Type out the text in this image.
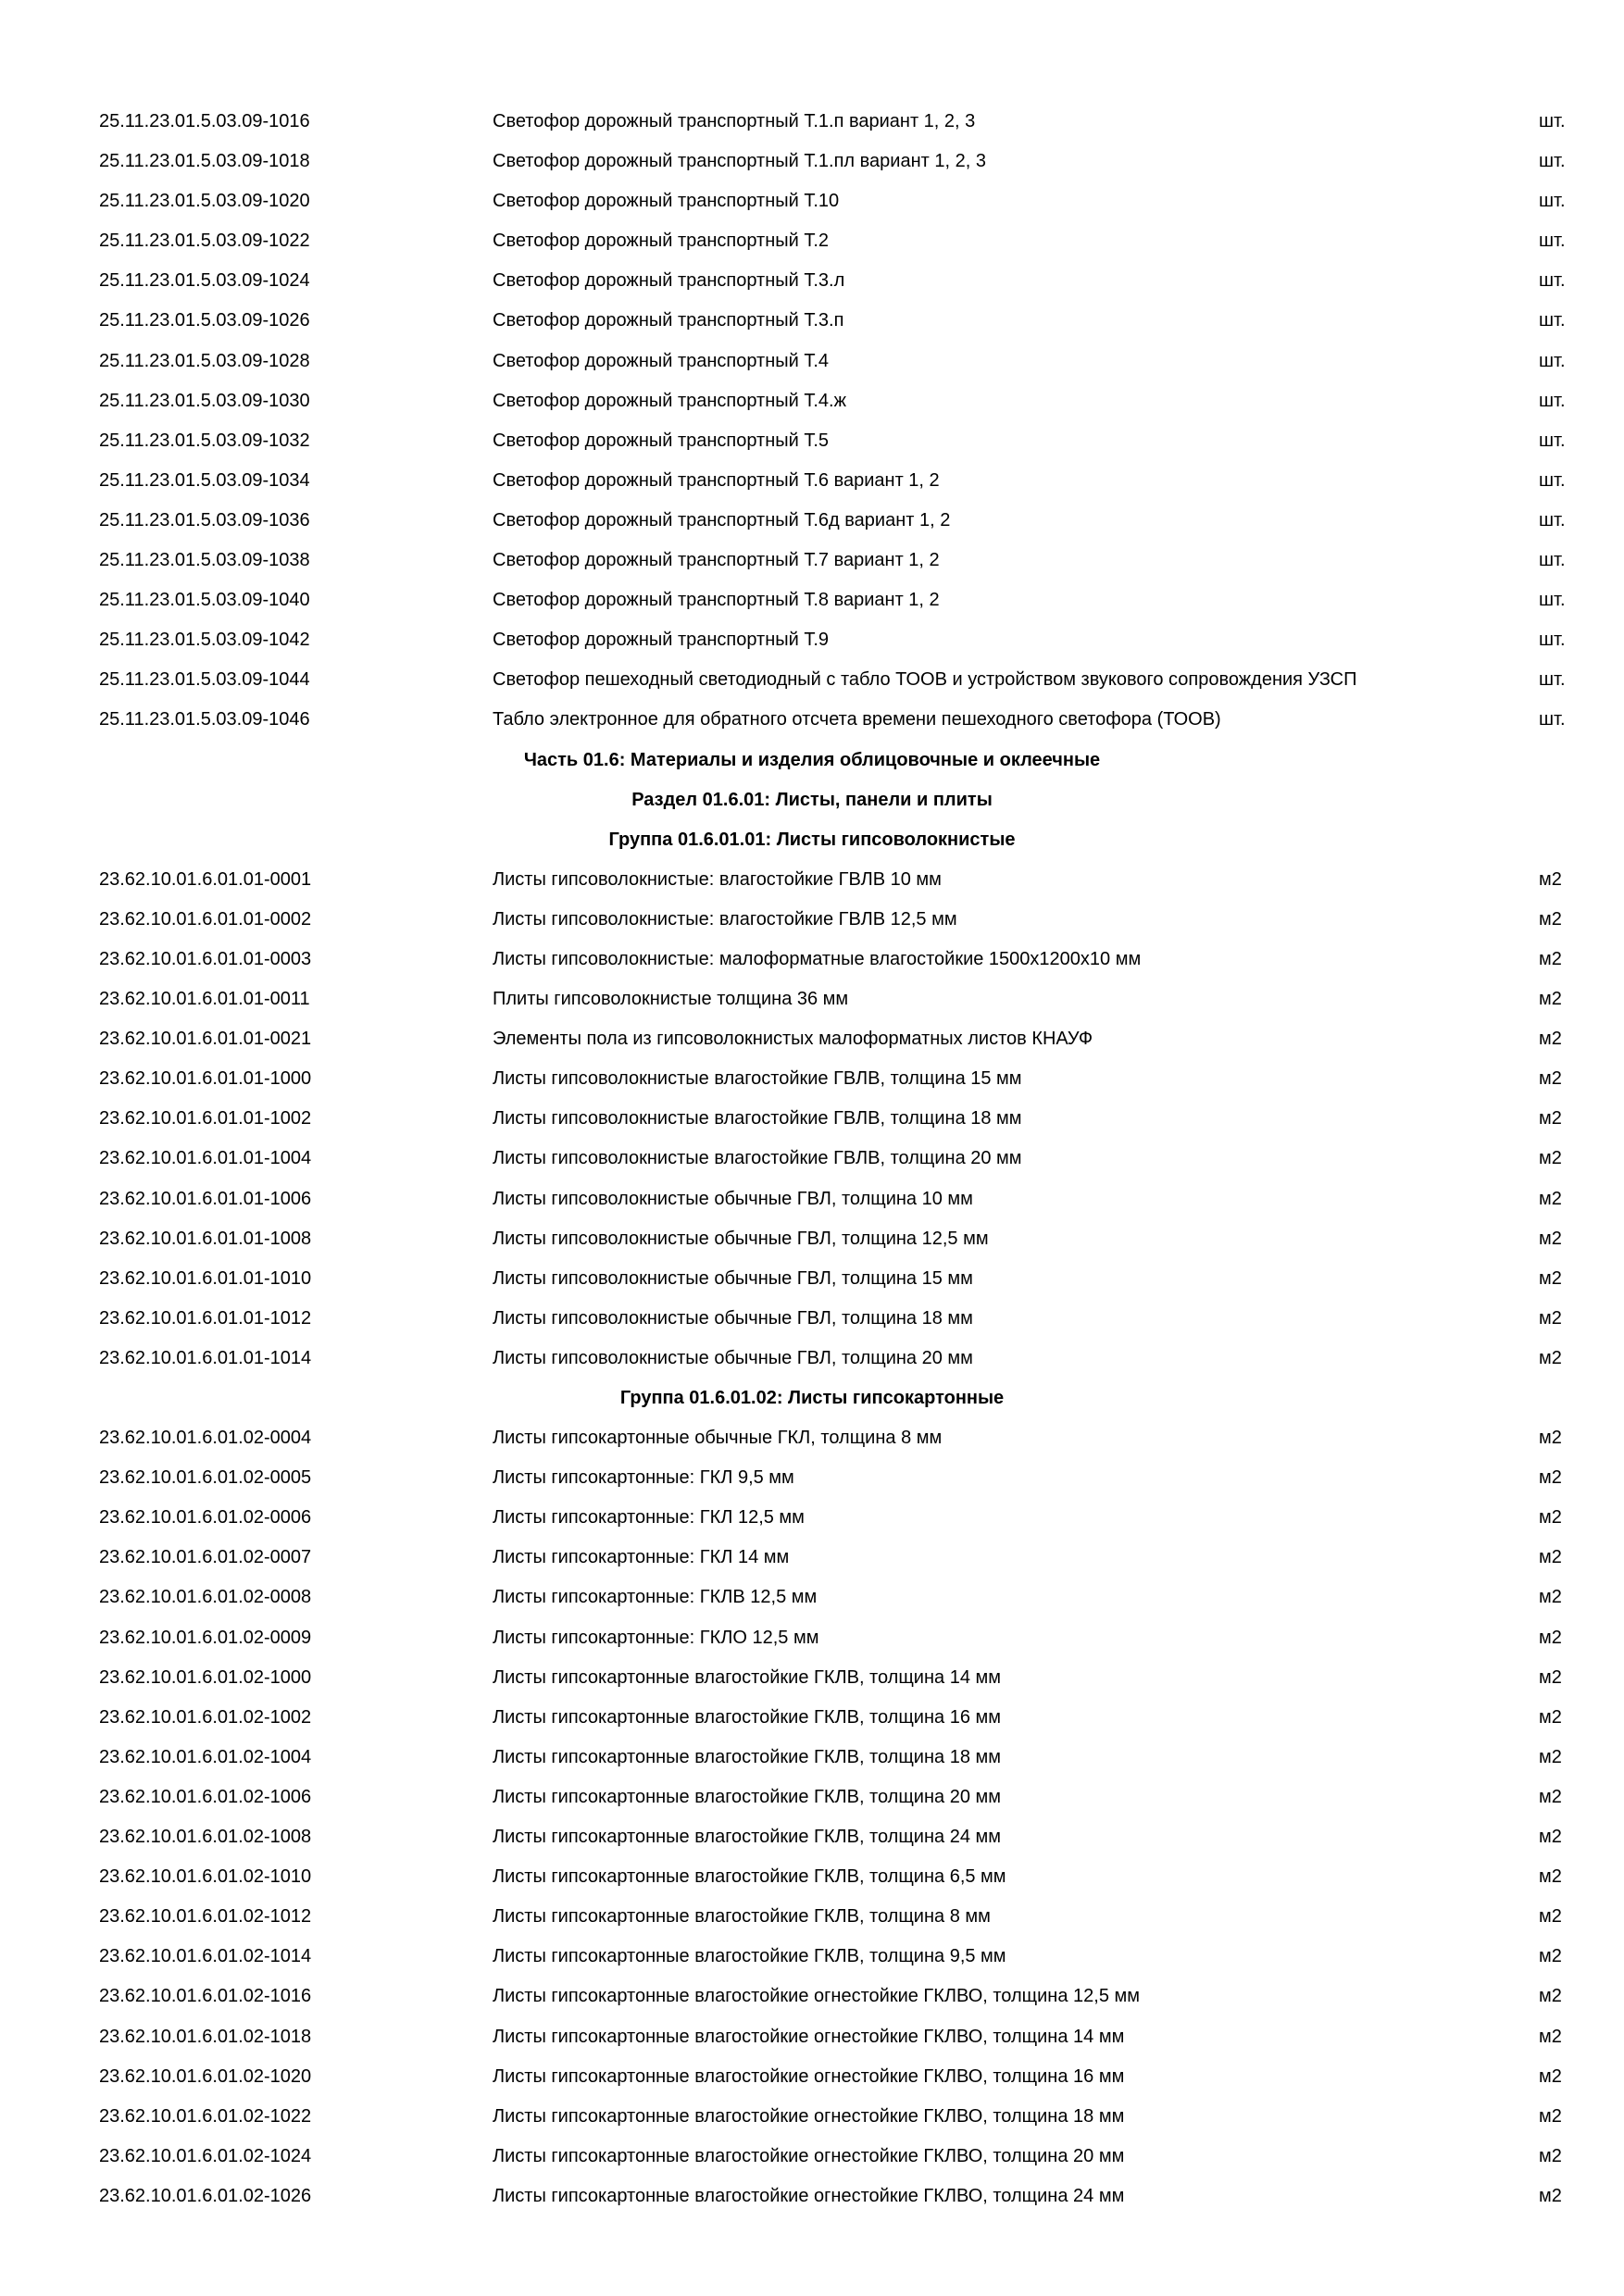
25.11.23.01.5.03.09-1016	Светофор дорожный транспортный Т.1.п вариант 1, 2, 3	шт.
25.11.23.01.5.03.09-1018	Светофор дорожный транспортный Т.1.пл вариант 1, 2, 3	шт.
25.11.23.01.5.03.09-1020	Светофор дорожный транспортный Т.10	шт.
25.11.23.01.5.03.09-1022	Светофор дорожный транспортный Т.2	шт.
25.11.23.01.5.03.09-1024	Светофор дорожный транспортный Т.3.л	шт.
25.11.23.01.5.03.09-1026	Светофор дорожный транспортный Т.3.п	шт.
25.11.23.01.5.03.09-1028	Светофор дорожный транспортный Т.4	шт.
25.11.23.01.5.03.09-1030	Светофор дорожный транспортный Т.4.ж	шт.
25.11.23.01.5.03.09-1032	Светофор дорожный транспортный Т.5	шт.
25.11.23.01.5.03.09-1034	Светофор дорожный транспортный Т.6 вариант 1, 2	шт.
25.11.23.01.5.03.09-1036	Светофор дорожный транспортный Т.6д вариант 1, 2	шт.
25.11.23.01.5.03.09-1038	Светофор дорожный транспортный Т.7 вариант 1, 2	шт.
25.11.23.01.5.03.09-1040	Светофор дорожный транспортный Т.8 вариант 1, 2	шт.
25.11.23.01.5.03.09-1042	Светофор дорожный транспортный Т.9	шт.
25.11.23.01.5.03.09-1044	Светофор пешеходный светодиодный с табло ТООВ и устройством звукового сопровождения УЗСП	шт.
25.11.23.01.5.03.09-1046	Табло электронное для обратного отсчета времени пешеходного светофора (ТООВ)	шт.
Часть 01.6: Материалы и изделия облицовочные и оклеечные
Раздел 01.6.01: Листы, панели и плиты
Группа 01.6.01.01: Листы гипсоволокнистые
23.62.10.01.6.01.01-0001	Листы гипсоволокнистые: влагостойкие ГВЛВ 10 мм	м2
23.62.10.01.6.01.01-0002	Листы гипсоволокнистые: влагостойкие ГВЛВ 12,5 мм	м2
23.62.10.01.6.01.01-0003	Листы гипсоволокнистые: малоформатные влагостойкие 1500х1200х10 мм	м2
23.62.10.01.6.01.01-0011	Плиты гипсоволокнистые толщина 36 мм	м2
23.62.10.01.6.01.01-0021	Элементы пола из гипсоволокнистых малоформатных листов КНАУФ	м2
23.62.10.01.6.01.01-1000	Листы гипсоволокнистые влагостойкие ГВЛВ, толщина 15 мм	м2
23.62.10.01.6.01.01-1002	Листы гипсоволокнистые влагостойкие ГВЛВ, толщина 18 мм	м2
23.62.10.01.6.01.01-1004	Листы гипсоволокнистые влагостойкие ГВЛВ, толщина 20 мм	м2
23.62.10.01.6.01.01-1006	Листы гипсоволокнистые обычные ГВЛ, толщина 10 мм	м2
23.62.10.01.6.01.01-1008	Листы гипсоволокнистые обычные ГВЛ, толщина 12,5 мм	м2
23.62.10.01.6.01.01-1010	Листы гипсоволокнистые обычные ГВЛ, толщина 15 мм	м2
23.62.10.01.6.01.01-1012	Листы гипсоволокнистые обычные ГВЛ, толщина 18 мм	м2
23.62.10.01.6.01.01-1014	Листы гипсоволокнистые обычные ГВЛ, толщина 20 мм	м2
Группа 01.6.01.02: Листы гипсокартонные
23.62.10.01.6.01.02-0004	Листы гипсокартонные обычные ГКЛ, толщина 8 мм	м2
23.62.10.01.6.01.02-0005	Листы гипсокартонные: ГКЛ 9,5 мм	м2
23.62.10.01.6.01.02-0006	Листы гипсокартонные: ГКЛ 12,5 мм	м2
23.62.10.01.6.01.02-0007	Листы гипсокартонные: ГКЛ 14 мм	м2
23.62.10.01.6.01.02-0008	Листы гипсокартонные: ГКЛВ 12,5 мм	м2
23.62.10.01.6.01.02-0009	Листы гипсокартонные: ГКЛО 12,5 мм	м2
23.62.10.01.6.01.02-1000	Листы гипсокартонные влагостойкие ГКЛВ, толщина 14 мм	м2
23.62.10.01.6.01.02-1002	Листы гипсокартонные влагостойкие ГКЛВ, толщина 16 мм	м2
23.62.10.01.6.01.02-1004	Листы гипсокартонные влагостойкие ГКЛВ, толщина 18 мм	м2
23.62.10.01.6.01.02-1006	Листы гипсокартонные влагостойкие ГКЛВ, толщина 20 мм	м2
23.62.10.01.6.01.02-1008	Листы гипсокартонные влагостойкие ГКЛВ, толщина 24 мм	м2
23.62.10.01.6.01.02-1010	Листы гипсокартонные влагостойкие ГКЛВ, толщина 6,5 мм	м2
23.62.10.01.6.01.02-1012	Листы гипсокартонные влагостойкие ГКЛВ, толщина 8 мм	м2
23.62.10.01.6.01.02-1014	Листы гипсокартонные влагостойкие ГКЛВ, толщина 9,5 мм	м2
23.62.10.01.6.01.02-1016	Листы гипсокартонные влагостойкие огнестойкие ГКЛВО, толщина 12,5 мм	м2
23.62.10.01.6.01.02-1018	Листы гипсокартонные влагостойкие огнестойкие ГКЛВО, толщина 14 мм	м2
23.62.10.01.6.01.02-1020	Листы гипсокартонные влагостойкие огнестойкие ГКЛВО, толщина 16 мм	м2
23.62.10.01.6.01.02-1022	Листы гипсокартонные влагостойкие огнестойкие ГКЛВО, толщина 18 мм	м2
23.62.10.01.6.01.02-1024	Листы гипсокартонные влагостойкие огнестойкие ГКЛВО, толщина 20 мм	м2
23.62.10.01.6.01.02-1026	Листы гипсокартонные влагостойкие огнестойкие ГКЛВО, толщина 24 мм	м2
